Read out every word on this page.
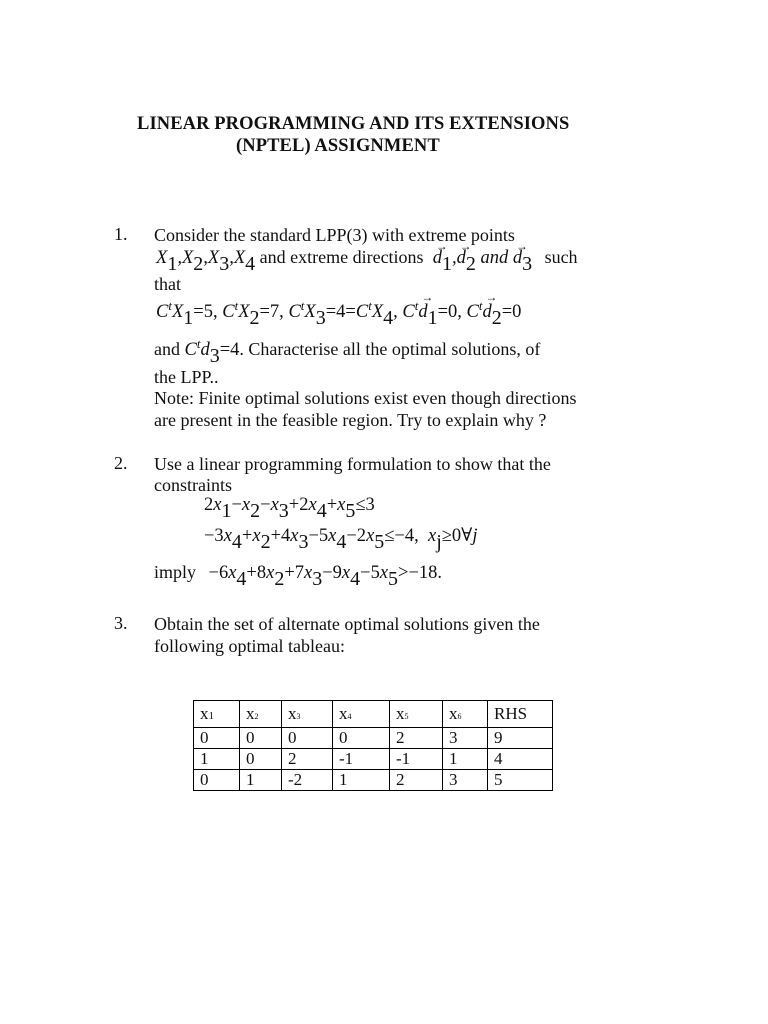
LINEAR PROGRAMMING AND ITS EXTENSIONS
(NPTEL) ASSIGNMENT
1. Consider the standard LPP(3) with extreme points
$X_1,X_2,X_3,X_4$ and extreme directions → $d_1,\to d_2$ and → $d_3$ such
that
$C^tX1=5$, $C^tX2=7$, $C^tX3=4=C^tX4$, $C^t\to d1=0$, $C^t\to d2=0$
and $C^td3=4$. Characterise all the optimal solutions, of
the LPP..
Note: Finite optimal solutions exist even though directions
are present in the feasible region. Try to explain why ?
2. Use a linear programming formulation to show that the
constraints
2x1−x2−x3+2x4+x5≤3
−3x4+x2+4x3−5x4−2x5≤−4,  xj≥0∀j
imply −6x4+8x2+7x3−9x4−5x5>−18.
3. Obtain the set of alternate optimal solutions given the
following optimal tableau:
x1	x2	x3	x4	x5	x6	RHS
0	0	0	0	2	3	9
1	0	2	-1	-1	1	4
0	1	-2	1	2	3	5
